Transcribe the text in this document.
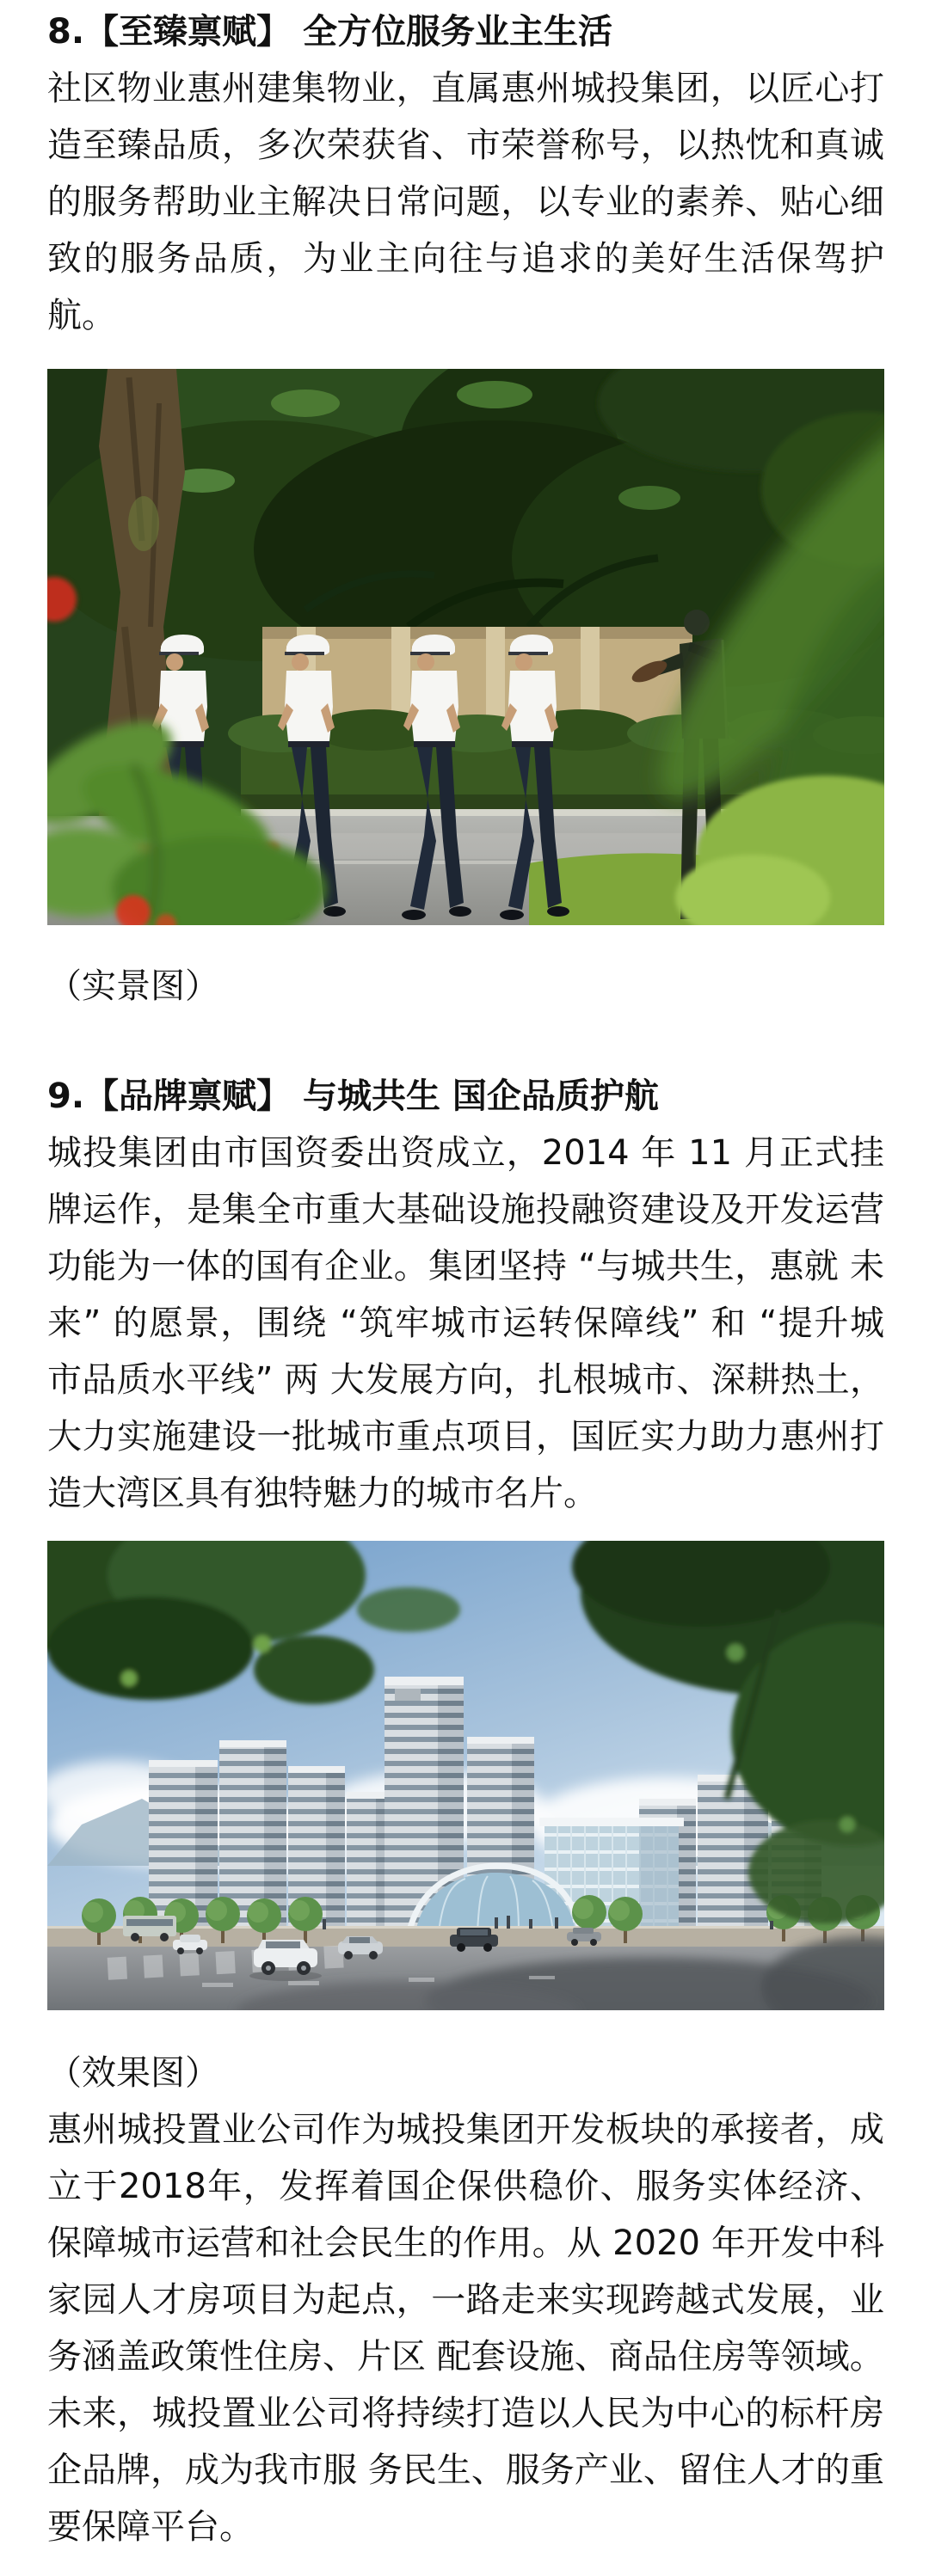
8.【至臻禀赋】 全方位服务业主生活

社区物业惠州建集物业，直属惠州城投集团，以匠心打造至臻品质，多次荣获省、市荣誉称号，以热忱和真诚的服务帮助业主解决日常问题，以专业的素养、贴心细致的服务品质，为业主向往与追求的美好生活保驾护航。

（实景图）

9.【品牌禀赋】 与城共生 国企品质护航

城投集团由市国资委出资成立，2014 年 11 月正式挂牌运作，是集全市重大基础设施投融资建设及开发运营功能为一体的国有企业。集团坚持 “与城共生，惠就 未来” 的愿景，围绕 “筑牢城市运转保障线” 和 “提升城市品质水平线” 两 大发展方向，扎根城市、深耕热土，大力实施建设一批城市重点项目，国匠实力助力惠州打造大湾区具有独特魅力的城市名片。

（效果图）

惠州城投置业公司作为城投集团开发板块的承接者，成立于2018年，发挥着国企保供稳价、服务实体经济、保障城市运营和社会民生的作用。从 2020 年开发中科家园人才房项目为起点，一路走来实现跨越式发展，业务涵盖政策性住房、片区 配套设施、商品住房等领域。

未来，城投置业公司将持续打造以人民为中心的标杆房企品牌，成为我市服 务民生、服务产业、留住人才的重要保障平台。
